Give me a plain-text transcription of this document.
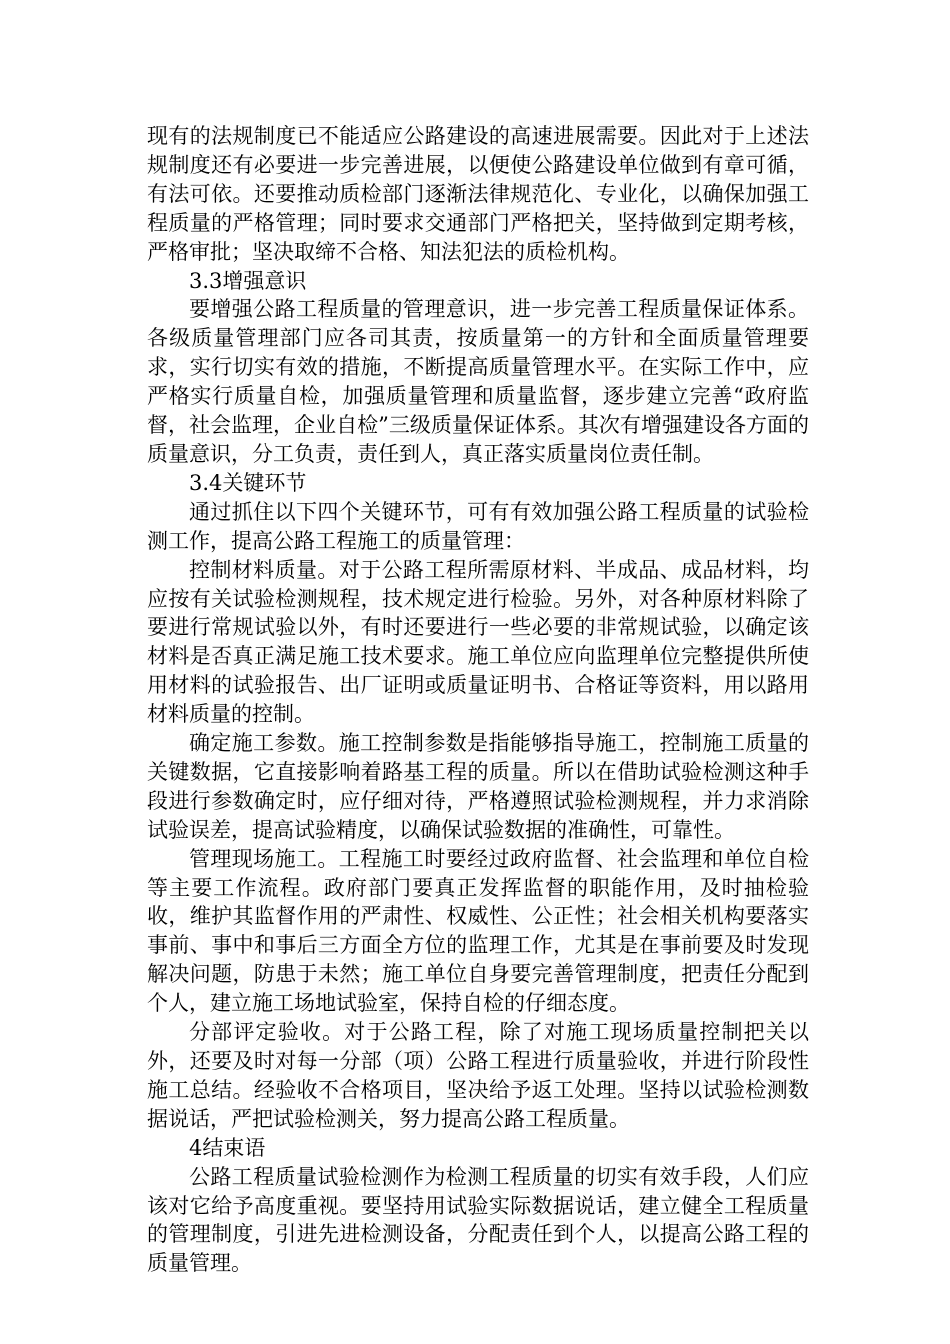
现有的法规制度已不能适应公路建设的高速进展需要。因此对于上述法规制度还有必要进一步完善进展，以便使公路建设单位做到有章可循，有法可依。还要推动质检部门逐渐法律规范化、专业化，以确保加强工程质量的严格管理；同时要求交通部门严格把关，坚持做到定期考核，严格审批；坚决取缔不合格、知法犯法的质检机构。

3.3增强意识

要增强公路工程质量的管理意识，进一步完善工程质量保证体系。各级质量管理部门应各司其责，按质量第一的方针和全面质量管理要求，实行切实有效的措施，不断提高质量管理水平。在实际工作中，应严格实行质量自检，加强质量管理和质量监督，逐步建立完善“政府监督，社会监理，企业自检”三级质量保证体系。其次有增强建设各方面的质量意识，分工负责，责任到人，真正落实质量岗位责任制。

3.4关键环节

通过抓住以下四个关键环节，可有有效加强公路工程质量的试验检测工作，提高公路工程施工的质量管理：

控制材料质量。对于公路工程所需原材料、半成品、成品材料，均应按有关试验检测规程，技术规定进行检验。另外，对各种原材料除了要进行常规试验以外，有时还要进行一些必要的非常规试验，以确定该材料是否真正满足施工技术要求。施工单位应向监理单位完整提供所使用材料的试验报告、出厂证明或质量证明书、合格证等资料，用以路用材料质量的控制。

确定施工参数。施工控制参数是指能够指导施工，控制施工质量的关键数据，它直接影响着路基工程的质量。所以在借助试验检测这种手段进行参数确定时，应仔细对待，严格遵照试验检测规程，并力求消除试验误差，提高试验精度，以确保试验数据的准确性，可靠性。

管理现场施工。工程施工时要经过政府监督、社会监理和单位自检等主要工作流程。政府部门要真正发挥监督的职能作用，及时抽检验收，维护其监督作用的严肃性、权威性、公正性；社会相关机构要落实事前、事中和事后三方面全方位的监理工作，尤其是在事前要及时发现解决问题，防患于未然；施工单位自身要完善管理制度，把责任分配到个人，建立施工场地试验室，保持自检的仔细态度。

分部评定验收。对于公路工程，除了对施工现场质量控制把关以外，还要及时对每一分部（项）公路工程进行质量验收，并进行阶段性施工总结。经验收不合格项目，坚决给予返工处理。坚持以试验检测数据说话，严把试验检测关，努力提高公路工程质量。

4结束语

公路工程质量试验检测作为检测工程质量的切实有效手段，人们应该对它给予高度重视。要坚持用试验实际数据说话，建立健全工程质量的管理制度，引进先进检测设备，分配责任到个人，以提高公路工程的质量管理。
